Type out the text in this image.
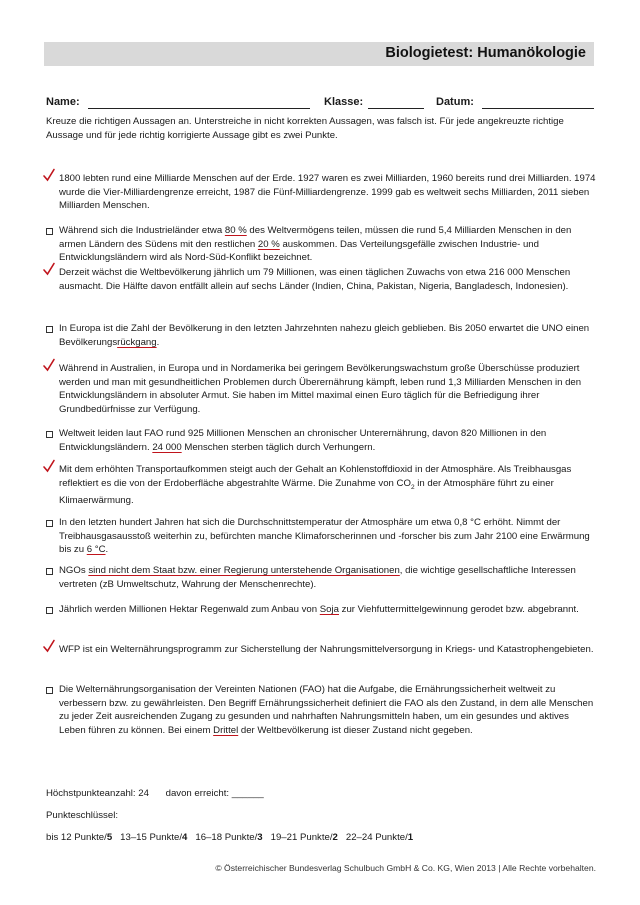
Biologietest: Humanökologie
Name:	Klasse:	Datum:
Kreuze die richtigen Aussagen an. Unterstreiche in nicht korrekten Aussagen, was falsch ist. Für jede angekreuzte richtige Aussage und für jede richtig korrigierte Aussage gibt es zwei Punkte.
1800 lebten rund eine Milliarde Menschen auf der Erde. 1927 waren es zwei Milliarden, 1960 bereits rund drei Milliarden. 1974 wurde die Vier-Milliardengrenze erreicht, 1987 die Fünf-Milliardengrenze. 1999 gab es weltweit sechs Milliarden, 2011 sieben Milliarden Menschen.
Während sich die Industrieländer etwa 80 % des Weltvermögens teilen, müssen die rund 5,4 Milliarden Menschen in den armen Ländern des Südens mit den restlichen 20 % auskommen. Das Verteilungsgefälle zwischen Industrie- und Entwicklungsländern wird als Nord-Süd-Konflikt bezeichnet.
Derzeit wächst die Weltbevölkerung jährlich um 79 Millionen, was einen täglichen Zuwachs von etwa 216 000 Menschen ausmacht. Die Hälfte davon entfällt allein auf sechs Länder (Indien, China, Pakistan, Nigeria, Bangladesch, Indonesien).
In Europa ist die Zahl der Bevölkerung in den letzten Jahrzehnten nahezu gleich geblieben. Bis 2050 erwartet die UNO einen Bevölkerungsrückgang.
Während in Australien, in Europa und in Nordamerika bei geringem Bevölkerungswachstum große Überschüsse produziert werden und man mit gesundheitlichen Problemen durch Überernährung kämpft, leben rund 1,3 Milliarden Menschen in den Entwicklungsländern in absoluter Armut. Sie haben im Mittel maximal einen Euro täglich für die Befriedigung ihrer Grundbedürfnisse zur Verfügung.
Weltweit leiden laut FAO rund 925 Millionen Menschen an chronischer Unterernährung, davon 820 Millionen in den Entwicklungsländern. 24 000 Menschen sterben täglich durch Verhungern.
Mit dem erhöhten Transportaufkommen steigt auch der Gehalt an Kohlenstoffdioxid in der Atmosphäre. Als Treibhausgas reflektiert es die von der Erdoberfläche abgestrahlte Wärme. Die Zunahme von $CO_2$ in der Atmosphäre führt zu einer Klimaerwärmung.
In den letzten hundert Jahren hat sich die Durchschnittstemperatur der Atmosphäre um etwa 0,8 °C erhöht. Nimmt der Treibhausgasausstoß weiterhin zu, befürchten manche Klimaforscherinnen und -forscher bis zum Jahr 2100 eine Erwärmung bis zu 6 °C.
NGOs sind nicht dem Staat bzw. einer Regierung unterstehende Organisationen, die wichtige gesellschaftliche Interessen vertreten (zB Umweltschutz, Wahrung der Menschenrechte).
Jährlich werden Millionen Hektar Regenwald zum Anbau von Soja zur Viehfuttermittelgewinnung gerodet bzw. abgebrannt.
WFP ist ein Welternährungsprogramm zur Sicherstellung der Nahrungsmittelversorgung in Kriegs- und Katastrophengebieten.
Die Welternährungsorganisation der Vereinten Nationen (FAO) hat die Aufgabe, die Ernährungssicherheit weltweit zu verbessern bzw. zu gewährleisten. Den Begriff Ernährungssicherheit definiert die FAO als den Zustand, in dem alle Menschen zu jeder Zeit ausreichenden Zugang zu gesunden und nahrhaften Nahrungsmitteln haben, um ein gesundes und aktives Leben führen zu können. Bei einem Drittel der Weltbevölkerung ist dieser Zustand nicht gegeben.
Höchstpunkteanzahl: 24 davon erreicht: ______
Punkteschlüssel:
bis 12 Punkte/5 13–15 Punkte/4 16–18 Punkte/3 19–21 Punkte/2 22–24 Punkte/1
© Österreichischer Bundesverlag Schulbuch GmbH & Co. KG, Wien 2013 | Alle Rechte vorbehalten.
